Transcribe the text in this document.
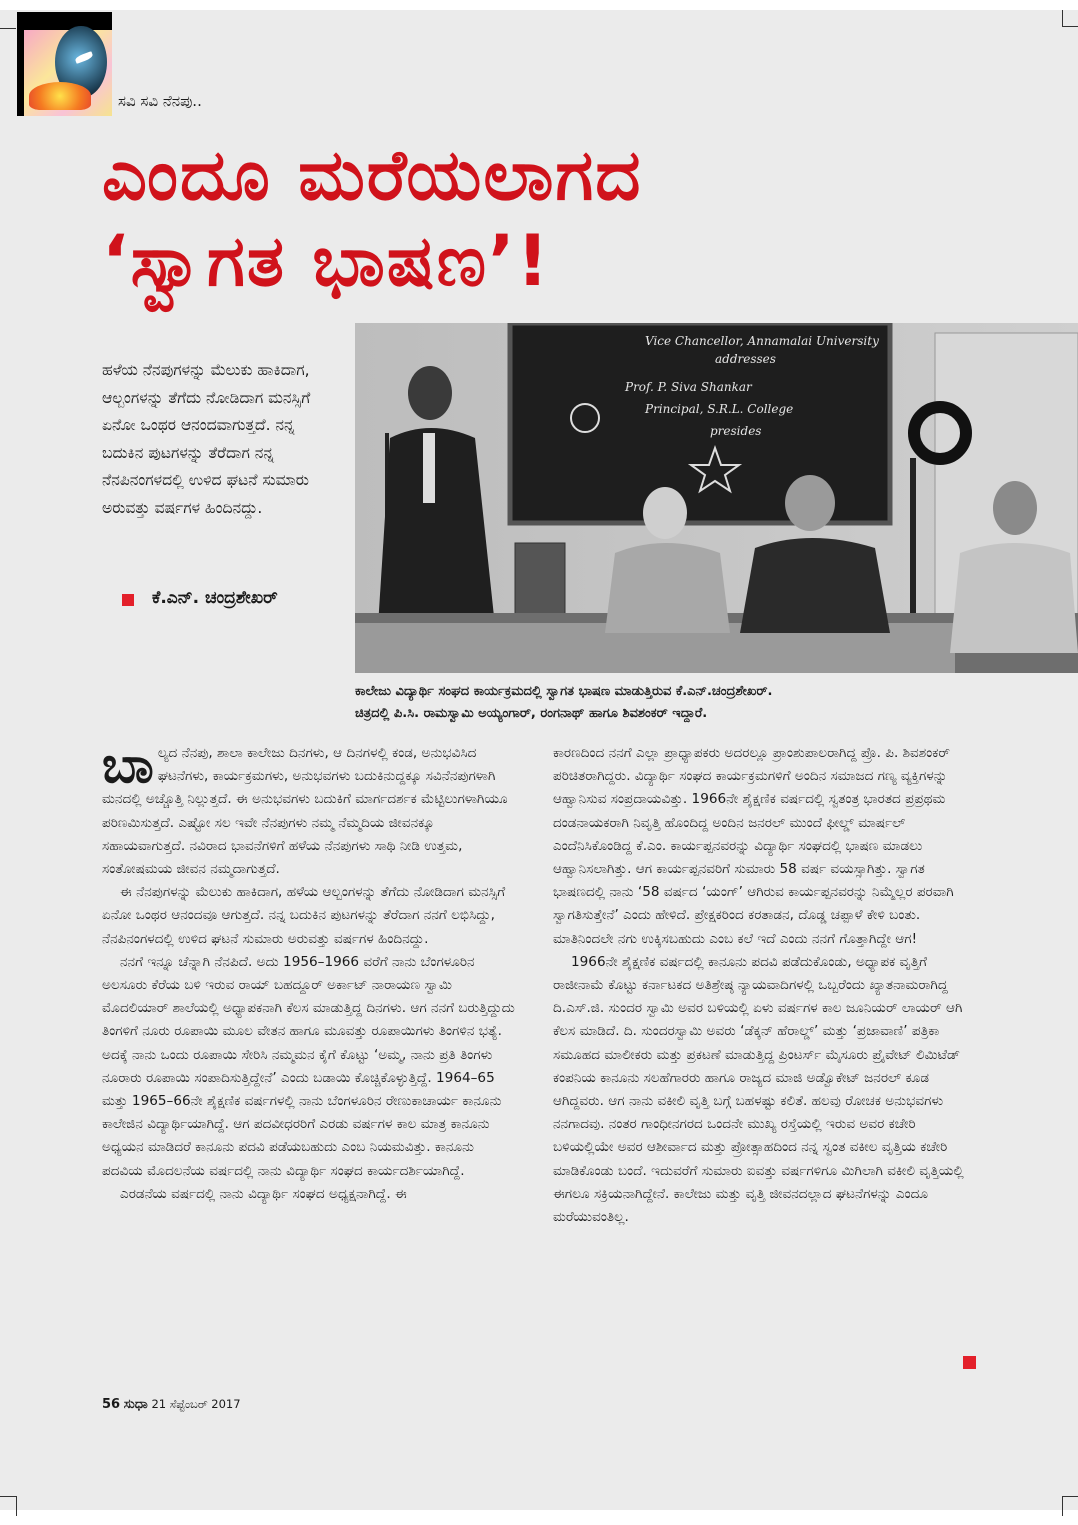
ಸವಿ ಸವಿ ನೆನಪು..
ಎಂದೂ ಮರೆಯಲಾಗದ
‘ಸ್ವಾಗತ ಭಾಷಣ’!
ಹಳೆಯ ನೆನಪುಗಳನ್ನು ಮೆಲುಕು ಹಾಕಿದಾಗ, ಆಲ್ಬಂಗಳನ್ನು ತೆಗೆದು ನೋಡಿದಾಗ ಮನಸ್ಸಿಗೆ ಏನೋ ಒಂಥರ ಆನಂದವಾಗುತ್ತದೆ. ನನ್ನ ಬದುಕಿನ ಪುಟಗಳನ್ನು ತೆರೆದಾಗ ನನ್ನ ನೆನಪಿನಂಗಳದಲ್ಲಿ ಉಳಿದ ಘಟನೆ ಸುಮಾರು ಅರುವತ್ತು ವರ್ಷಗಳ ಹಿಂದಿನದ್ದು.
ಕೆ.ಎನ್. ಚಂದ್ರಶೇಖರ್
Vice Chancellor, Annamalai University
addresses
Prof. P. Siva Shankar
Principal, S.R.L. College
presides
ಕಾಲೇಜು ವಿದ್ಯಾರ್ಥಿ ಸಂಘದ ಕಾರ್ಯಕ್ರಮದಲ್ಲಿ ಸ್ವಾಗತ ಭಾಷಣ ಮಾಡುತ್ತಿರುವ ಕೆ.ಎನ್.ಚಂದ್ರಶೇಖರ್.
ಚಿತ್ರದಲ್ಲಿ ಪಿ.ಸಿ. ರಾಮಸ್ವಾಮಿ ಅಯ್ಯಂಗಾರ್, ರಂಗನಾಥ್ ಹಾಗೂ ಶಿವಶಂಕರ್ ಇದ್ದಾರೆ.

ಬಾಲ್ಯದ ನೆನಪು, ಶಾಲಾ ಕಾಲೇಜು ದಿನಗಳು, ಆ ದಿನಗಳಲ್ಲಿ ಕಂಡ, ಅನುಭವಿಸಿದ ಘಟನೆಗಳು, ಕಾರ್ಯಕ್ರಮಗಳು, ಅನುಭವಗಳು ಬದುಕಿನುದ್ದಕ್ಕೂ ಸವಿನೆನಪುಗಳಾಗಿ ಮನದಲ್ಲಿ ಅಚ್ಚೊತ್ತಿ ನಿಲ್ಲುತ್ತದೆ. ಈ ಅನುಭವಗಳು ಬದುಕಿಗೆ ಮಾರ್ಗದರ್ಶಕ ಮೆಟ್ಟಿಲುಗಳಾಗಿಯೂ ಪರಿಣಮಿಸುತ್ತದೆ. ಎಷ್ಟೋ ಸಲ ಇವೇ ನೆನಪುಗಳು ನಮ್ಮ ನೆಮ್ಮದಿಯ ಜೀವನಕ್ಕೂ ಸಹಾಯವಾಗುತ್ತದೆ. ನವಿರಾದ ಭಾವನೆಗಳಿಗೆ ಹಳೆಯ ನೆನಪುಗಳು ಸಾಥಿ ನೀಡಿ ಉತ್ತಮ, ಸಂತೋಷಮಯ ಜೀವನ ನಮ್ಮದಾಗುತ್ತದೆ.

ಈ ನೆನಪುಗಳನ್ನು ಮೆಲುಕು ಹಾಕಿದಾಗ, ಹಳೆಯ ಆಲ್ಬಂಗಳನ್ನು ತೆಗೆದು ನೋಡಿದಾಗ ಮನಸ್ಸಿಗೆ ಏನೋ ಒಂಥರ ಆನಂದವೂ ಆಗುತ್ತದೆ. ನನ್ನ ಬದುಕಿನ ಪುಟಗಳನ್ನು ತೆರೆದಾಗ ನನಗೆ ಲಭಿಸಿದ್ದು, ನೆನಪಿನಂಗಳದಲ್ಲಿ ಉಳಿದ ಘಟನೆ ಸುಮಾರು ಅರುವತ್ತು ವರ್ಷಗಳ ಹಿಂದಿನದ್ದು.

ನನಗೆ ಇನ್ನೂ ಚೆನ್ನಾಗಿ ನೆನಪಿದೆ. ಅದು 1956–1966 ವರೆಗೆ ನಾನು ಬೆಂಗಳೂರಿನ ಅಲಸೂರು ಕೆರೆಯ ಬಳಿ ಇರುವ ರಾಯ್ ಬಹದ್ದೂರ್ ಅರ್ಕಾಟ್ ನಾರಾಯಣ ಸ್ವಾಮಿ ಮೊದಲಿಯಾರ್ ಶಾಲೆಯಲ್ಲಿ ಅಧ್ಯಾಪಕನಾಗಿ ಕೆಲಸ ಮಾಡುತ್ತಿದ್ದ ದಿನಗಳು. ಆಗ ನನಗೆ ಬರುತ್ತಿದ್ದುದು ತಿಂಗಳಿಗೆ ನೂರು ರೂಪಾಯಿ ಮೂಲ ವೇತನ ಹಾಗೂ ಮೂವತ್ತು ರೂಪಾಯಿಗಳು ತಿಂಗಳಿನ ಭತ್ಯೆ. ಅದಕ್ಕೆ ನಾನು ಒಂದು ರೂಪಾಯಿ ಸೇರಿಸಿ ನಮ್ಮಮನ ಕೈಗೆ ಕೊಟ್ಟು ‘ಅಮ್ಮ, ನಾನು ಪ್ರತಿ ತಿಂಗಳು ನೂರಾರು ರೂಪಾಯಿ ಸಂಪಾದಿಸುತ್ತಿದ್ದೇನೆ’ ಎಂದು ಬಡಾಯಿ ಕೊಚ್ಚಿಕೊಳ್ಳುತ್ತಿದ್ದೆ. 1964–65 ಮತ್ತು 1965–66ನೇ ಶೈಕ್ಷಣಿಕ ವರ್ಷಗಳಲ್ಲಿ ನಾನು ಬೆಂಗಳೂರಿನ ರೇಣುಕಾಚಾರ್ಯ ಕಾನೂನು ಕಾಲೇಜಿನ ವಿದ್ಯಾರ್ಥಿಯಾಗಿದ್ದೆ. ಆಗ ಪದವೀಧರರಿಗೆ ಎರಡು ವರ್ಷಗಳ ಕಾಲ ಮಾತ್ರ ಕಾನೂನು ಅಧ್ಯಯನ ಮಾಡಿದರೆ ಕಾನೂನು ಪದವಿ ಪಡೆಯಬಹುದು ಎಂಬ ನಿಯಮವಿತ್ತು. ಕಾನೂನು ಪದವಿಯ ಮೊದಲನೆಯ ವರ್ಷದಲ್ಲಿ ನಾನು ವಿದ್ಯಾರ್ಥಿ ಸಂಘದ ಕಾರ್ಯದರ್ಶಿಯಾಗಿದ್ದೆ.

ಎರಡನೆಯ ವರ್ಷದಲ್ಲಿ ನಾನು ವಿದ್ಯಾರ್ಥಿ ಸಂಘದ ಅಧ್ಯಕ್ಷನಾಗಿದ್ದೆ. ಈ

ಕಾರಣದಿಂದ ನನಗೆ ಎಲ್ಲಾ ಪ್ರಾಧ್ಯಾಪಕರು ಅದರಲ್ಲೂ ಪ್ರಾಂಶುಪಾಲರಾಗಿದ್ದ ಪ್ರೊ. ಪಿ. ಶಿವಶಂಕರ್ ಪರಿಚಿತರಾಗಿದ್ದರು. ವಿದ್ಯಾರ್ಥಿ ಸಂಘದ ಕಾರ್ಯಕ್ರಮಗಳಿಗೆ ಅಂದಿನ ಸಮಾಜದ ಗಣ್ಯ ವ್ಯಕ್ತಿಗಳನ್ನು ಆಹ್ವಾನಿಸುವ ಸಂಪ್ರದಾಯವಿತ್ತು. 1966ನೇ ಶೈಕ್ಷಣಿಕ ವರ್ಷದಲ್ಲಿ ಸ್ವತಂತ್ರ ಭಾರತದ ಪ್ರಪ್ರಥಮ ದಂಡನಾಯಕರಾಗಿ ನಿವೃತ್ತಿ ಹೊಂದಿದ್ದ ಅಂದಿನ ಜನರಲ್ ಮುಂದೆ ಫೀಲ್ಡ್ ಮಾರ್ಷಲ್ ಎಂದೆನಿಸಿಕೊಂಡಿದ್ದ ಕೆ.ಎಂ. ಕಾರ್ಯಪ್ಪನವರನ್ನು ವಿದ್ಯಾರ್ಥಿ ಸಂಘದಲ್ಲಿ ಭಾಷಣ ಮಾಡಲು ಆಹ್ವಾನಿಸಲಾಗಿತ್ತು. ಆಗ ಕಾರ್ಯಪ್ಪನವರಿಗೆ ಸುಮಾರು 58 ವರ್ಷ ವಯಸ್ಸಾಗಿತ್ತು. ಸ್ವಾಗತ ಭಾಷಣದಲ್ಲಿ ನಾನು ‘58 ವರ್ಷದ ‘ಯಂಗ್’ ಆಗಿರುವ ಕಾರ್ಯಪ್ಪನವರನ್ನು ನಿಮ್ಮೆಲ್ಲರ ಪರವಾಗಿ ಸ್ವಾಗತಿಸುತ್ತೇನೆ’ ಎಂದು ಹೇಳಿದೆ. ಪ್ರೇಕ್ಷಕರಿಂದ ಕರತಾಡನ, ದೊಡ್ಡ ಚಪ್ಪಾಳೆ ಕೇಳಿ ಬಂತು. ಮಾತಿನಿಂದಲೇ ನಗು ಉಕ್ಕಿಸಬಹುದು ಎಂಬ ಕಲೆ ಇದೆ ಎಂದು ನನಗೆ ಗೊತ್ತಾಗಿದ್ದೇ ಆಗ!

1966ನೇ ಶೈಕ್ಷಣಿಕ ವರ್ಷದಲ್ಲಿ ಕಾನೂನು ಪದವಿ ಪಡೆದುಕೊಂಡು, ಅಧ್ಯಾಪಕ ವೃತ್ತಿಗೆ ರಾಜೀನಾಮೆ ಕೊಟ್ಟು ಕರ್ನಾಟಕದ ಅತಿಶ್ರೇಷ್ಠ ನ್ಯಾಯವಾದಿಗಳಲ್ಲಿ ಒಬ್ಬರೆಂದು ಖ್ಯಾತನಾಮರಾಗಿದ್ದ ದಿ.ಎಸ್.ಜಿ. ಸುಂದರ ಸ್ವಾಮಿ ಅವರ ಬಳಿಯಲ್ಲಿ ಏಳು ವರ್ಷಗಳ ಕಾಲ ಜೂನಿಯರ್ ಲಾಯರ್ ಆಗಿ ಕೆಲಸ ಮಾಡಿದೆ. ದಿ. ಸುಂದರಸ್ವಾಮಿ ಅವರು ‘ಡೆಕ್ಕನ್ ಹೆರಾಲ್ಡ್’ ಮತ್ತು ‘ಪ್ರಜಾವಾಣಿ’ ಪತ್ರಿಕಾ ಸಮೂಹದ ಮಾಲೀಕರು ಮತ್ತು ಪ್ರಕಟಣೆ ಮಾಡುತ್ತಿದ್ದ ಪ್ರಿಂಟರ್ಸ್ ಮೈಸೂರು ಪ್ರೈವೇಟ್ ಲಿಮಿಟೆಡ್ ಕಂಪನಿಯ ಕಾನೂನು ಸಲಹೆಗಾರರು ಹಾಗೂ ರಾಜ್ಯದ ಮಾಜಿ ಅಡ್ವೊಕೇಟ್ ಜನರಲ್ ಕೂಡ ಆಗಿದ್ದವರು. ಆಗ ನಾನು ವಕೀಲಿ ವೃತ್ತಿ ಬಗ್ಗೆ ಬಹಳಷ್ಟು ಕಲಿತೆ. ಹಲವು ರೋಚಕ ಅನುಭವಗಳು ನನಗಾದವು. ನಂತರ ಗಾಂಧೀನಗರದ ಒಂದನೇ ಮುಖ್ಯ ರಸ್ತೆಯಲ್ಲಿ ಇರುವ ಅವರ ಕಚೇರಿ ಬಳಿಯಲ್ಲಿಯೇ ಅವರ ಆಶೀರ್ವಾದ ಮತ್ತು ಪ್ರೋತ್ಸಾಹದಿಂದ ನನ್ನ ಸ್ವಂತ ವಕೀಲ ವೃತ್ತಿಯ ಕಚೇರಿ ಮಾಡಿಕೊಂಡು ಬಂದೆ. ಇದುವರೆಗೆ ಸುಮಾರು ಐವತ್ತು ವರ್ಷಗಳಿಗೂ ಮಿಗಿಲಾಗಿ ವಕೀಲಿ ವೃತ್ತಿಯಲ್ಲಿ ಈಗಲೂ ಸಕ್ರಿಯನಾಗಿದ್ದೇನೆ. ಕಾಲೇಜು ಮತ್ತು ವೃತ್ತಿ ಜೀವನದಲ್ಲಾದ ಘಟನೆಗಳನ್ನು ಎಂದೂ ಮರೆಯುವಂತಿಲ್ಲ.

56 ಸುಧಾ 21 ಸೆಪ್ಟೆಂಬರ್ 2017
